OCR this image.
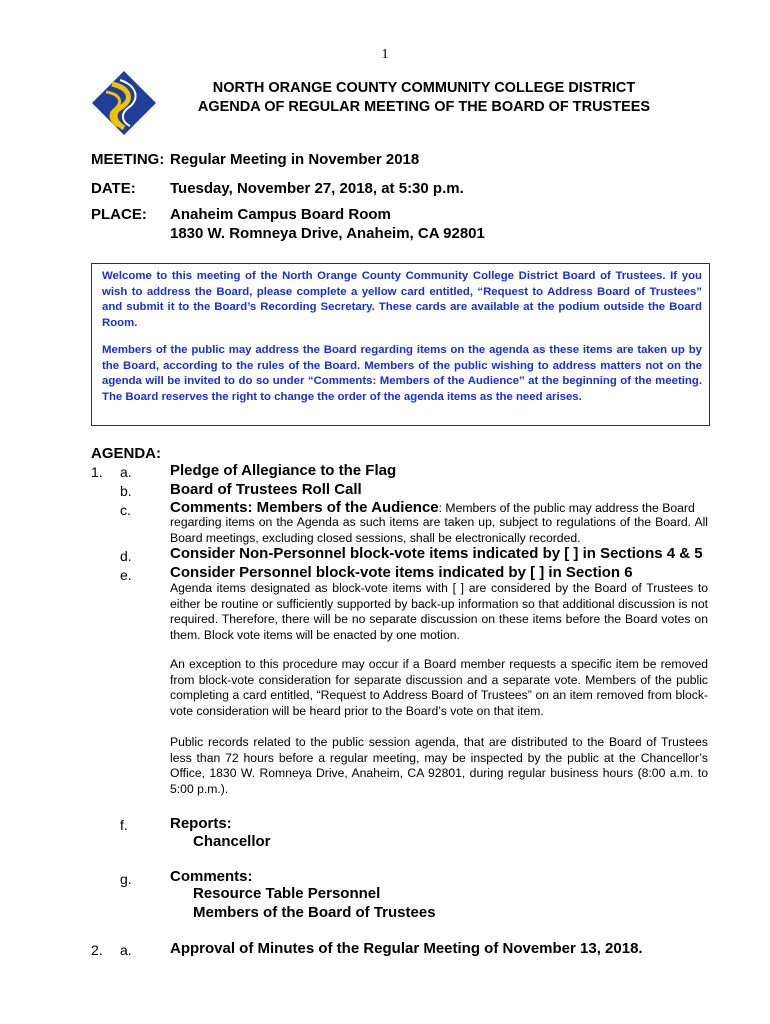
1
NORTH ORANGE COUNTY COMMUNITY COLLEGE DISTRICT
AGENDA OF REGULAR MEETING OF THE BOARD OF TRUSTEES
MEETING: Regular Meeting in November 2018
DATE: Tuesday, November 27, 2018, at 5:30 p.m.
PLACE: Anaheim Campus Board Room
1830 W. Romneya Drive, Anaheim, CA 92801

Welcome to this meeting of the North Orange County Community College District Board of Trustees. If you wish to address the Board, please complete a yellow card entitled, “Request to Address Board of Trustees” and submit it to the Board’s Recording Secretary. These cards are available at the podium outside the Board Room.

Members of the public may address the Board regarding items on the agenda as these items are taken up by the Board, according to the rules of the Board. Members of the public wishing to address matters not on the agenda will be invited to do so under “Comments: Members of the Audience” at the beginning of the meeting. The Board reserves the right to change the order of the agenda items as the need arises.

AGENDA:
1. a.	Pledge of Allegiance to the Flag
b.	Board of Trustees Roll Call
c.	Comments: Members of the Audience: Members of the public may address the Board
regarding items on the Agenda as such items are taken up, subject to regulations of the Board. All Board meetings, excluding closed sessions, shall be electronically recorded.
d.	Consider Non-Personnel block-vote items indicated by [ ] in Sections 4 & 5
e.	Consider Personnel block-vote items indicated by [ ] in Section 6
Agenda items designated as block-vote items with [ ] are considered by the Board of Trustees to either be routine or sufficiently supported by back-up information so that additional discussion is not required. Therefore, there will be no separate discussion on these items before the Board votes on them. Block vote items will be enacted by one motion.
An exception to this procedure may occur if a Board member requests a specific item be removed from block-vote consideration for separate discussion and a separate vote. Members of the public completing a card entitled, “Request to Address Board of Trustees” on an item removed from block-vote consideration will be heard prior to the Board’s vote on that item.
Public records related to the public session agenda, that are distributed to the Board of Trustees less than 72 hours before a regular meeting, may be inspected by the public at the Chancellor’s Office, 1830 W. Romneya Drive, Anaheim, CA 92801, during regular business hours (8:00 a.m. to 5:00 p.m.).
f.	Reports:
Chancellor
g.	Comments:
Resource Table Personnel
Members of the Board of Trustees
2. a.	Approval of Minutes of the Regular Meeting of November 13, 2018.
